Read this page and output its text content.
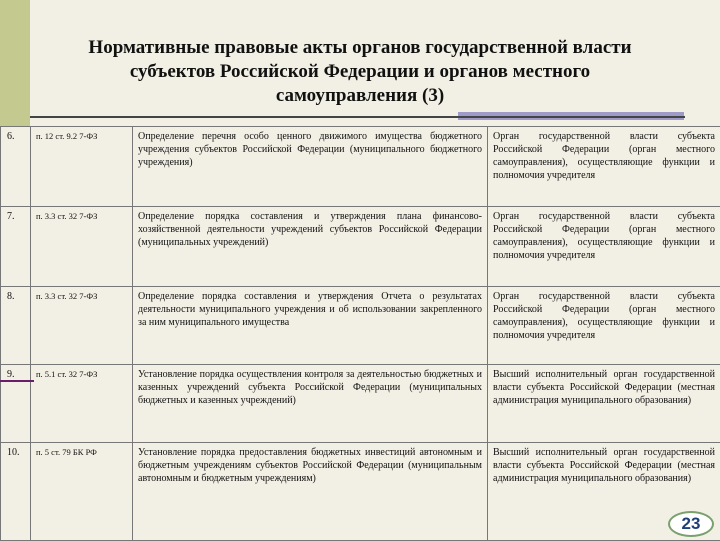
Нормативные правовые акты органов государственной власти
субъектов Российской Федерации и органов местного
самоуправления (3)
6.	п. 12 ст. 9.2 7-ФЗ	Определение перечня особо ценного движимого имущества бюджетного учреждения субъектов Российской Федерации (муниципального бюджетного учреждения)	Орган государственной власти субъекта Российской Федерации (орган местного самоуправления), осуществляющие функции и полномочия учредителя
7.	п. 3.3 ст. 32 7-ФЗ	Определение порядка составления и утверждения плана финансово-хозяйственной деятельности учреждений субъектов Российской Федерации (муниципальных учреждений)	Орган государственной власти субъекта Российской Федерации (орган местного самоуправления), осуществляющие функции и полномочия учредителя
8.	п. 3.3 ст. 32 7-ФЗ	Определение порядка составления и утверждения Отчета о результатах деятельности муниципального учреждения и об использовании закрепленного за ним муниципального имущества	Орган государственной власти субъекта Российской Федерации (орган местного самоуправления), осуществляющие функции и полномочия учредителя
9.	п. 5.1 ст. 32 7-ФЗ	Установление порядка осуществления контроля за деятельностью бюджетных и казенных учреждений субъекта Российской Федерации (муниципальных бюджетных и казенных учреждений)	Высший исполнительный орган государственной власти субъекта Российской Федерации (местная администрация муниципального образования)
10.	п. 5 ст. 79 БК РФ	Установление порядка предоставления бюджетных инвестиций автономным и бюджетным учреждениям субъектов Российской Федерации (муниципальным автономным и бюджетным учреждениям)	Высший исполнительный орган государственной власти субъекта Российской Федерации (местная администрация муниципального образования)
23
